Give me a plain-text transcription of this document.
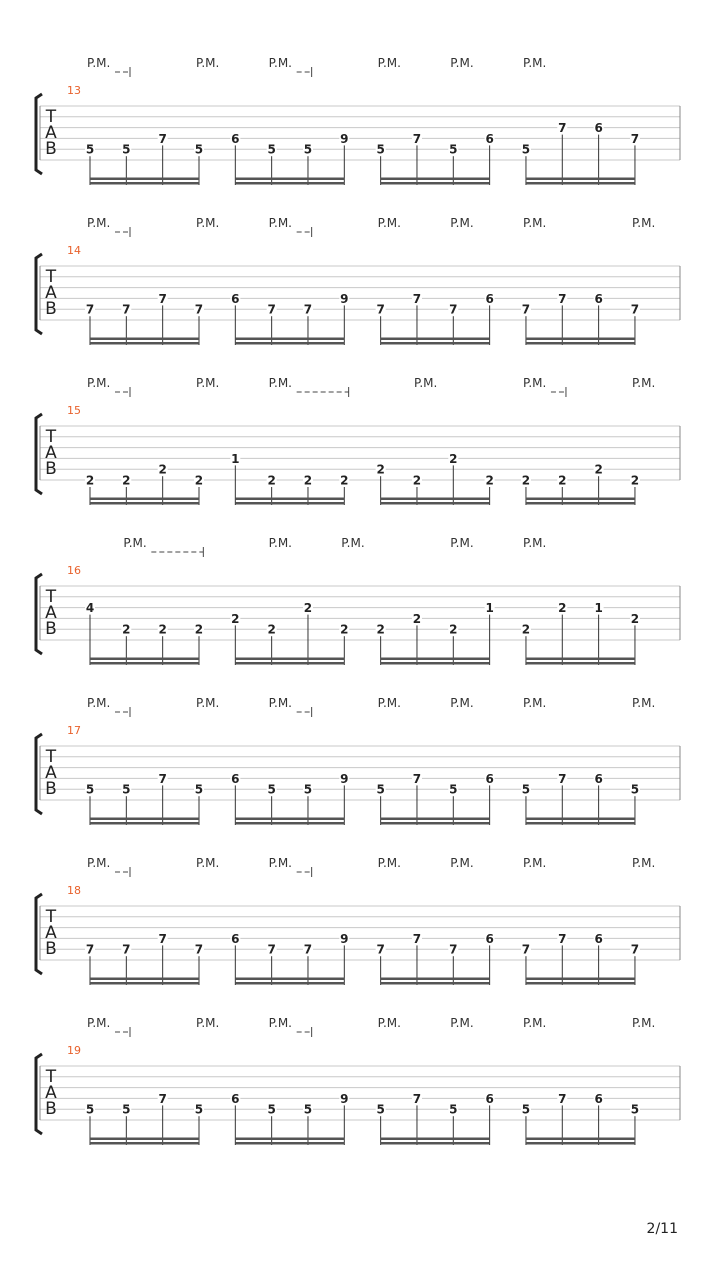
P.M.	P.M.	P.M.	P.M.	P.M.	P.M.
13
T
A
B 5 5
7
5
6
5 5
9
5
7
5
6
5
7 6
7
P.M.	P.M.	P.M.	P.M.	P.M.	P.M.	P.M.
14
T
A
B 7 7
7
7
6
7 7
9
7
7
7
6
7
7 6
7
P.M.	P.M.	P.M.	P.M.	P.M.	P.M.
15
T
A
B
2 2
2
2
1
2 2 2
2
2
2
2 2 2
2
2
P.M.	P.M.	P.M.	P.M.	P.M.
16
T
A
B
4
2 2 2
2
2
2
2 2
2
2
1
2
2 1
2
P.M.	P.M.	P.M.	P.M.	P.M.	P.M.	P.M.
17
T
A
B 5 5
7
5
6
5 5
9
5
7
5
6
5
7 6
5
P.M.	P.M.	P.M.	P.M.	P.M.	P.M.	P.M.
18
T
A
B 7 7
7
7
6
7 7
9
7
7
7
6
7
7 6
7
P.M.	P.M.	P.M.	P.M.	P.M.	P.M.	P.M.
19
T
A
B 5 5
7
5
6
5 5
9
5
7
5
6
5
7 6
5
2/11
